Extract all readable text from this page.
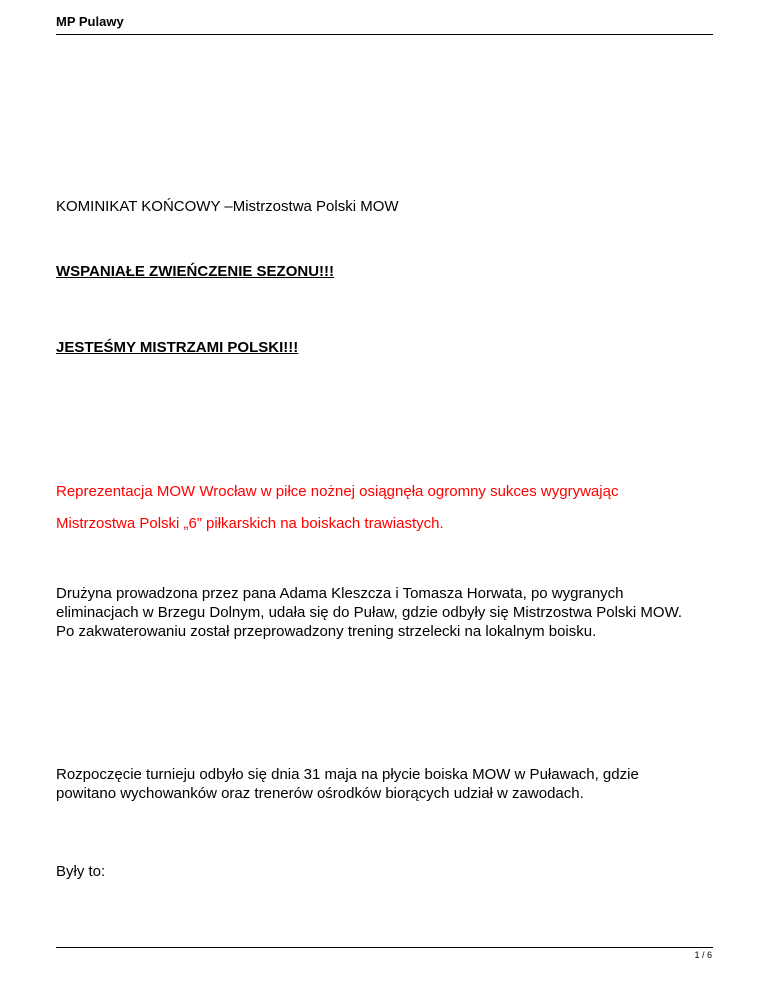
MP Pulawy

KOMINIKAT KOŃCOWY –Mistrzostwa Polski MOW

WSPANIAŁE ZWIEŃCZENIE SEZONU!!!

JESTEŚMY MISTRZAMI POLSKI!!!

Reprezentacja MOW Wrocław w piłce nożnej osiągnęła ogromny sukces wygrywając

Mistrzostwa Polski „6” piłkarskich na boiskach trawiastych.

Drużyna prowadzona przez pana Adama Kleszcza i Tomasza Horwata, po wygranych
eliminacjach w Brzegu Dolnym, udała się do Puław, gdzie odbyły się Mistrzostwa Polski MOW.
Po zakwaterowaniu został przeprowadzony trening strzelecki na lokalnym boisku.
Rozpoczęcie turnieju odbyło się dnia 31 maja na płycie boiska MOW w Puławach, gdzie
powitano wychowanków oraz trenerów ośrodków biorących udział w zawodach.

Były to:

1 / 6
